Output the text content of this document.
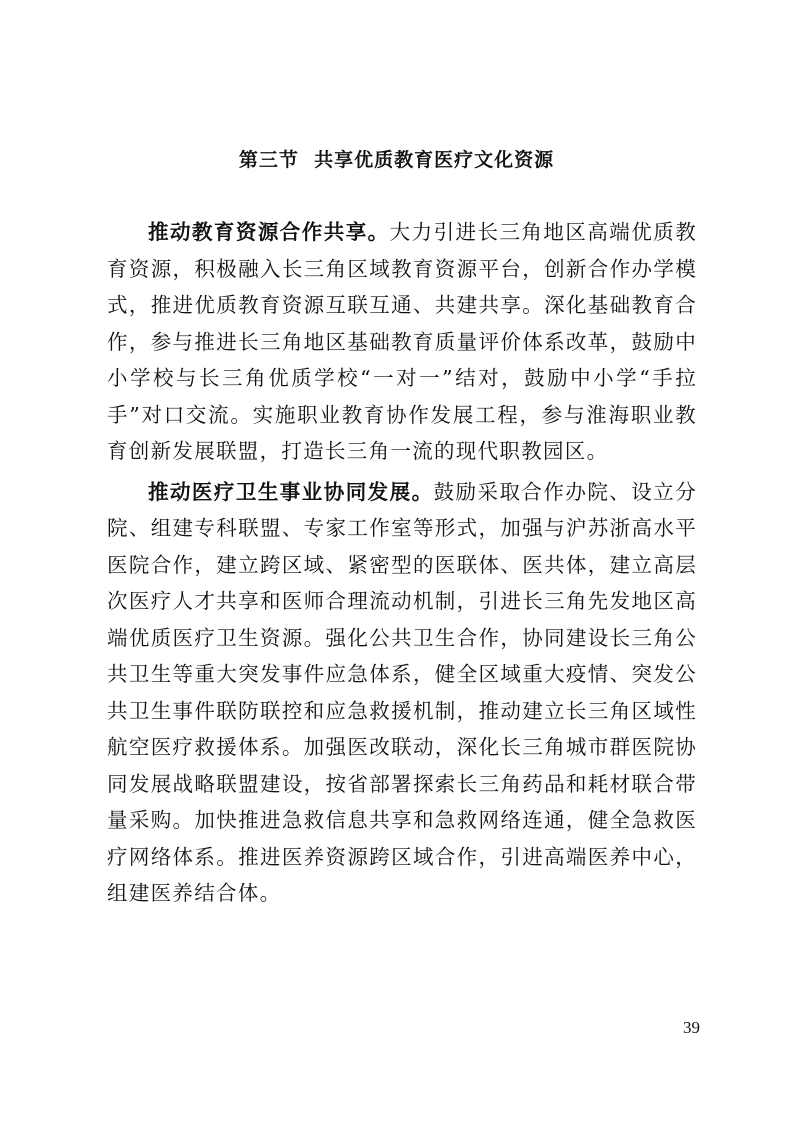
第三节  共享优质教育医疗文化资源

推动教育资源合作共享。大力引进长三角地区高端优质教育资源，积极融入长三角区域教育资源平台，创新合作办学模式，推进优质教育资源互联互通、共建共享。深化基础教育合作，参与推进长三角地区基础教育质量评价体系改革，鼓励中小学校与长三角优质学校“一对一”结对，鼓励中小学“手拉手”对口交流。实施职业教育协作发展工程，参与淮海职业教育创新发展联盟，打造长三角一流的现代职教园区。

推动医疗卫生事业协同发展。鼓励采取合作办院、设立分院、组建专科联盟、专家工作室等形式，加强与沪苏浙高水平医院合作，建立跨区域、紧密型的医联体、医共体，建立高层次医疗人才共享和医师合理流动机制，引进长三角先发地区高端优质医疗卫生资源。强化公共卫生合作，协同建设长三角公共卫生等重大突发事件应急体系，健全区域重大疫情、突发公共卫生事件联防联控和应急救援机制，推动建立长三角区域性航空医疗救援体系。加强医改联动，深化长三角城市群医院协同发展战略联盟建设，按省部署探索长三角药品和耗材联合带量采购。加快推进急救信息共享和急救网络连通，健全急救医疗网络体系。推进医养资源跨区域合作，引进高端医养中心，组建医养结合体。

39
